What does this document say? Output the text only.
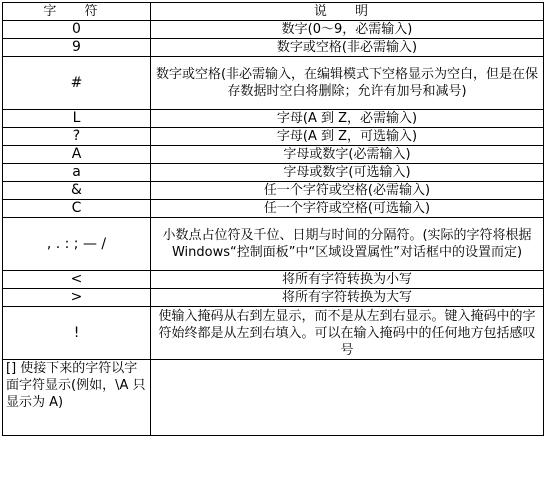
字 符	说 明
0	数字(0～9，必需输入)
9	数字或空格(非必需输入)
#	数字或空格(非必需输入，在编辑模式下空格显示为空白，但是在保存数据时空白将删除；允许有加号和减号)
L	字母(A 到 Z，必需输入)
?	字母(A 到 Z，可选输入)
A	字母或数字(必需输入)
a	字母或数字(可选输入)
&	任一个字符或空格(必需输入)
C	任一个字符或空格(可选输入)
, . : ; — /	小数点占位符及千位、日期与时间的分隔符。(实际的字符将根据 Windows“控制面板”中“区域设置属性”对话框中的设置而定)
<	将所有字符转换为小写
>	将所有字符转换为大写
!	使输入掩码从右到左显示，而不是从左到右显示。键入掩码中的字符始终都是从左到右填入。可以在输入掩码中的任何地方包括感叹号
[] 使接下来的字符以字面字符显示(例如，\A 只显示为 A)	
